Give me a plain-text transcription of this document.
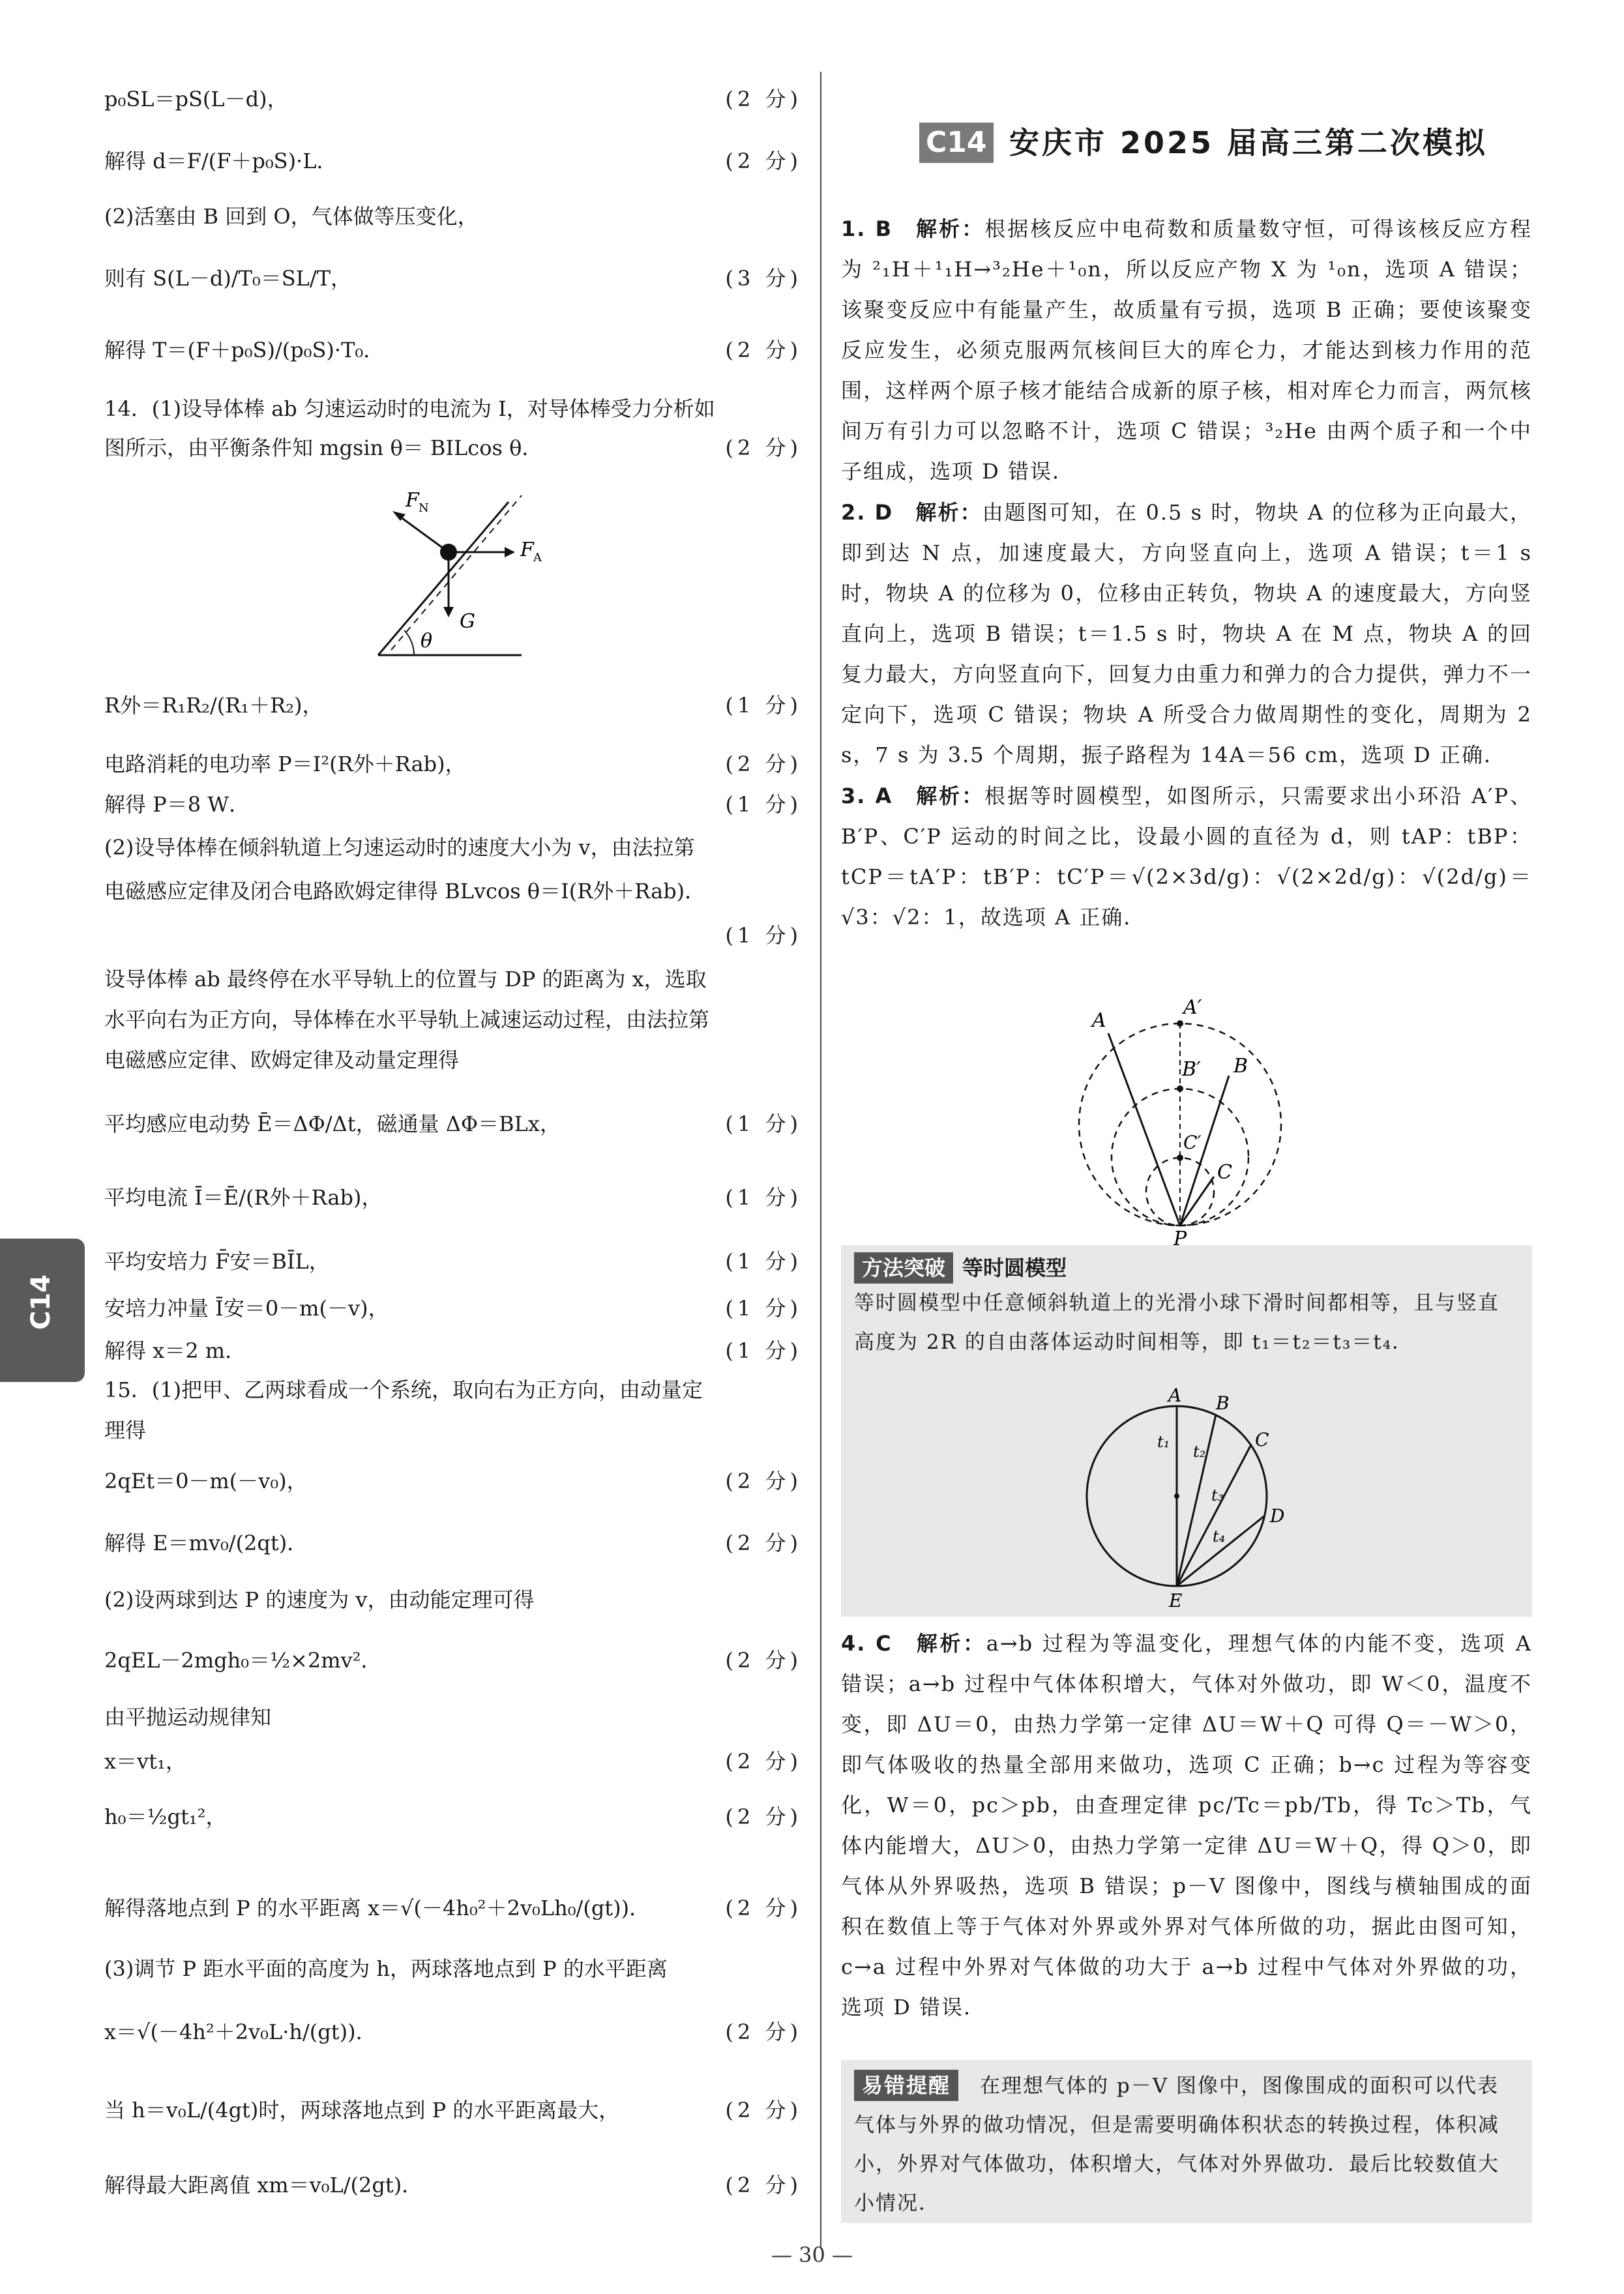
C14
p₀SL＝pS(L－d)，	(2 分)
解得 d＝F/(F＋p₀S)·L．	(2 分)
(2)活塞由 B 回到 O，气体做等压变化，
则有 S(L－d)/T₀＝SL/T，	(3 分)
解得 T＝(F＋p₀S)/(p₀S)·T₀．	(2 分)
14．(1)设导体棒 ab 匀速运动时的电流为 I，对导体棒受力分析如
图所示，由平衡条件知 mgsin θ＝ BILcos θ．	(2 分)
F N
F A
G
θ
R外＝R₁R₂/(R₁＋R₂)，	(1 分)
电路消耗的电功率 P＝I²(R外＋Rab)，	(2 分)
解得 P＝8 W．	(1 分)
(2)设导体棒在倾斜轨道上匀速运动时的速度大小为 v，由法拉第
电磁感应定律及闭合电路欧姆定律得 BLvcos θ＝I(R外＋Rab)．
(1 分)
设导体棒 ab 最终停在水平导轨上的位置与 DP 的距离为 x，选取
水平向右为正方向，导体棒在水平导轨上减速运动过程，由法拉第
电磁感应定律、欧姆定律及动量定理得
平均感应电动势 Ē＝ΔΦ/Δt，磁通量 ΔΦ＝BLx，	(1 分)
平均电流 Ī＝Ē/(R外＋Rab)，	(1 分)
平均安培力 F̄安＝BĪL，	(1 分)
安培力冲量 Ī安＝0－m(－v)，	(1 分)
解得 x＝2 m．	(1 分)
15．(1)把甲、乙两球看成一个系统，取向右为正方向，由动量定
理得
2qEt＝0－m(－v₀)，	(2 分)
解得 E＝mv₀/(2qt)．	(2 分)
(2)设两球到达 P 的速度为 v，由动能定理可得
2qEL－2mgh₀＝½×2mv²．	(2 分)
由平抛运动规律知
x＝vt₁，	(2 分)
h₀＝½gt₁²，	(2 分)
解得落地点到 P 的水平距离 x＝√(－4h₀²＋2v₀Lh₀/(gt))．	(2 分)
(3)调节 P 距水平面的高度为 h，两球落地点到 P 的水平距离
x＝√(－4h²＋2v₀L·h/(gt))．	(2 分)
当 h＝v₀L/(4gt)时，两球落地点到 P 的水平距离最大，	(2 分)
解得最大距离值 xm＝v₀L/(2gt)．	(2 分)
C14 安庆市 2025 届高三第二次模拟
1. B　 解析：根据核反应中电荷数和质量数守恒，可得该核反应方程为 ²₁H＋¹₁H→³₂He＋¹₀n，所以反应产物 X 为 ¹₀n，选项 A 错误；该聚变反应中有能量产生，故质量有亏损，选项 B 正确；要使该聚变反应发生，必须克服两氘核间巨大的库仑力，才能达到核力作用的范围，这样两个原子核才能结合成新的原子核，相对库仑力而言，两氘核间万有引力可以忽略不计，选项 C 错误；³₂He 由两个质子和一个中子组成，选项 D 错误．
2. D　 解析：由题图可知，在 0.5 s 时，物块 A 的位移为正向最大，即到达 N 点，加速度最大，方向竖直向上，选项 A 错误；t＝1 s 时，物块 A 的位移为 0，位移由正转负，物块 A 的速度最大，方向竖直向上，选项 B 错误；t＝1.5 s 时，物块 A 在 M 点，物块 A 的回复力最大，方向竖直向下，回复力由重力和弹力的合力提供，弹力不一定向下，选项 C 错误；物块 A 所受合力做周期性的变化，周期为 2 s，7 s 为 3.5 个周期，振子路程为 14A＝56 cm，选项 D 正确．
3. A　 解析：根据等时圆模型，如图所示，只需要求出小环沿 A′P、B′P、C′P 运动的时间之比，设最小圆的直径为 d，则 tAP：tBP：tCP＝tA′P：tB′P：tC′P＝√(2×3d/g)：√(2×2d/g)：√(2d/g)＝√3：√2：1，故选项 A 正确．
A
A′
B
B′
C
C′
P
方法突破 等时圆模型
等时圆模型中任意倾斜轨道上的光滑小球下滑时间都相等，且与竖直高度为 2R 的自由落体运动时间相等，即 t₁＝t₂＝t₃＝t₄．
A B
C
D
E
t₁
t₂
t₃
t₄
4. C　 解析：a→b 过程为等温变化，理想气体的内能不变，选项 A 错误；a→b 过程中气体体积增大，气体对外做功，即 W＜0，温度不变，即 ΔU＝0，由热力学第一定律 ΔU＝W＋Q 可得 Q＝－W＞0，即气体吸收的热量全部用来做功，选项 C 正确；b→c 过程为等容变化，W＝0，pc＞pb，由查理定律 pc/Tc＝pb/Tb，得 Tc＞Tb，气体内能增大，ΔU＞0，由热力学第一定律 ΔU＝W＋Q，得 Q＞0，即气体从外界吸热，选项 B 错误；p－V 图像中，图线与横轴围成的面积在数值上等于气体对外界或外界对气体所做的功，据此由图可知，c→a 过程中外界对气体做的功大于 a→b 过程中气体对外界做的功，选项 D 错误．
易错提醒　 在理想气体的 p－V 图像中，图像围成的面积可以代表气体与外界的做功情况，但是需要明确体积状态的转换过程，体积减小，外界对气体做功，体积增大，气体对外界做功．最后比较数值大小情况．
— 30 —
